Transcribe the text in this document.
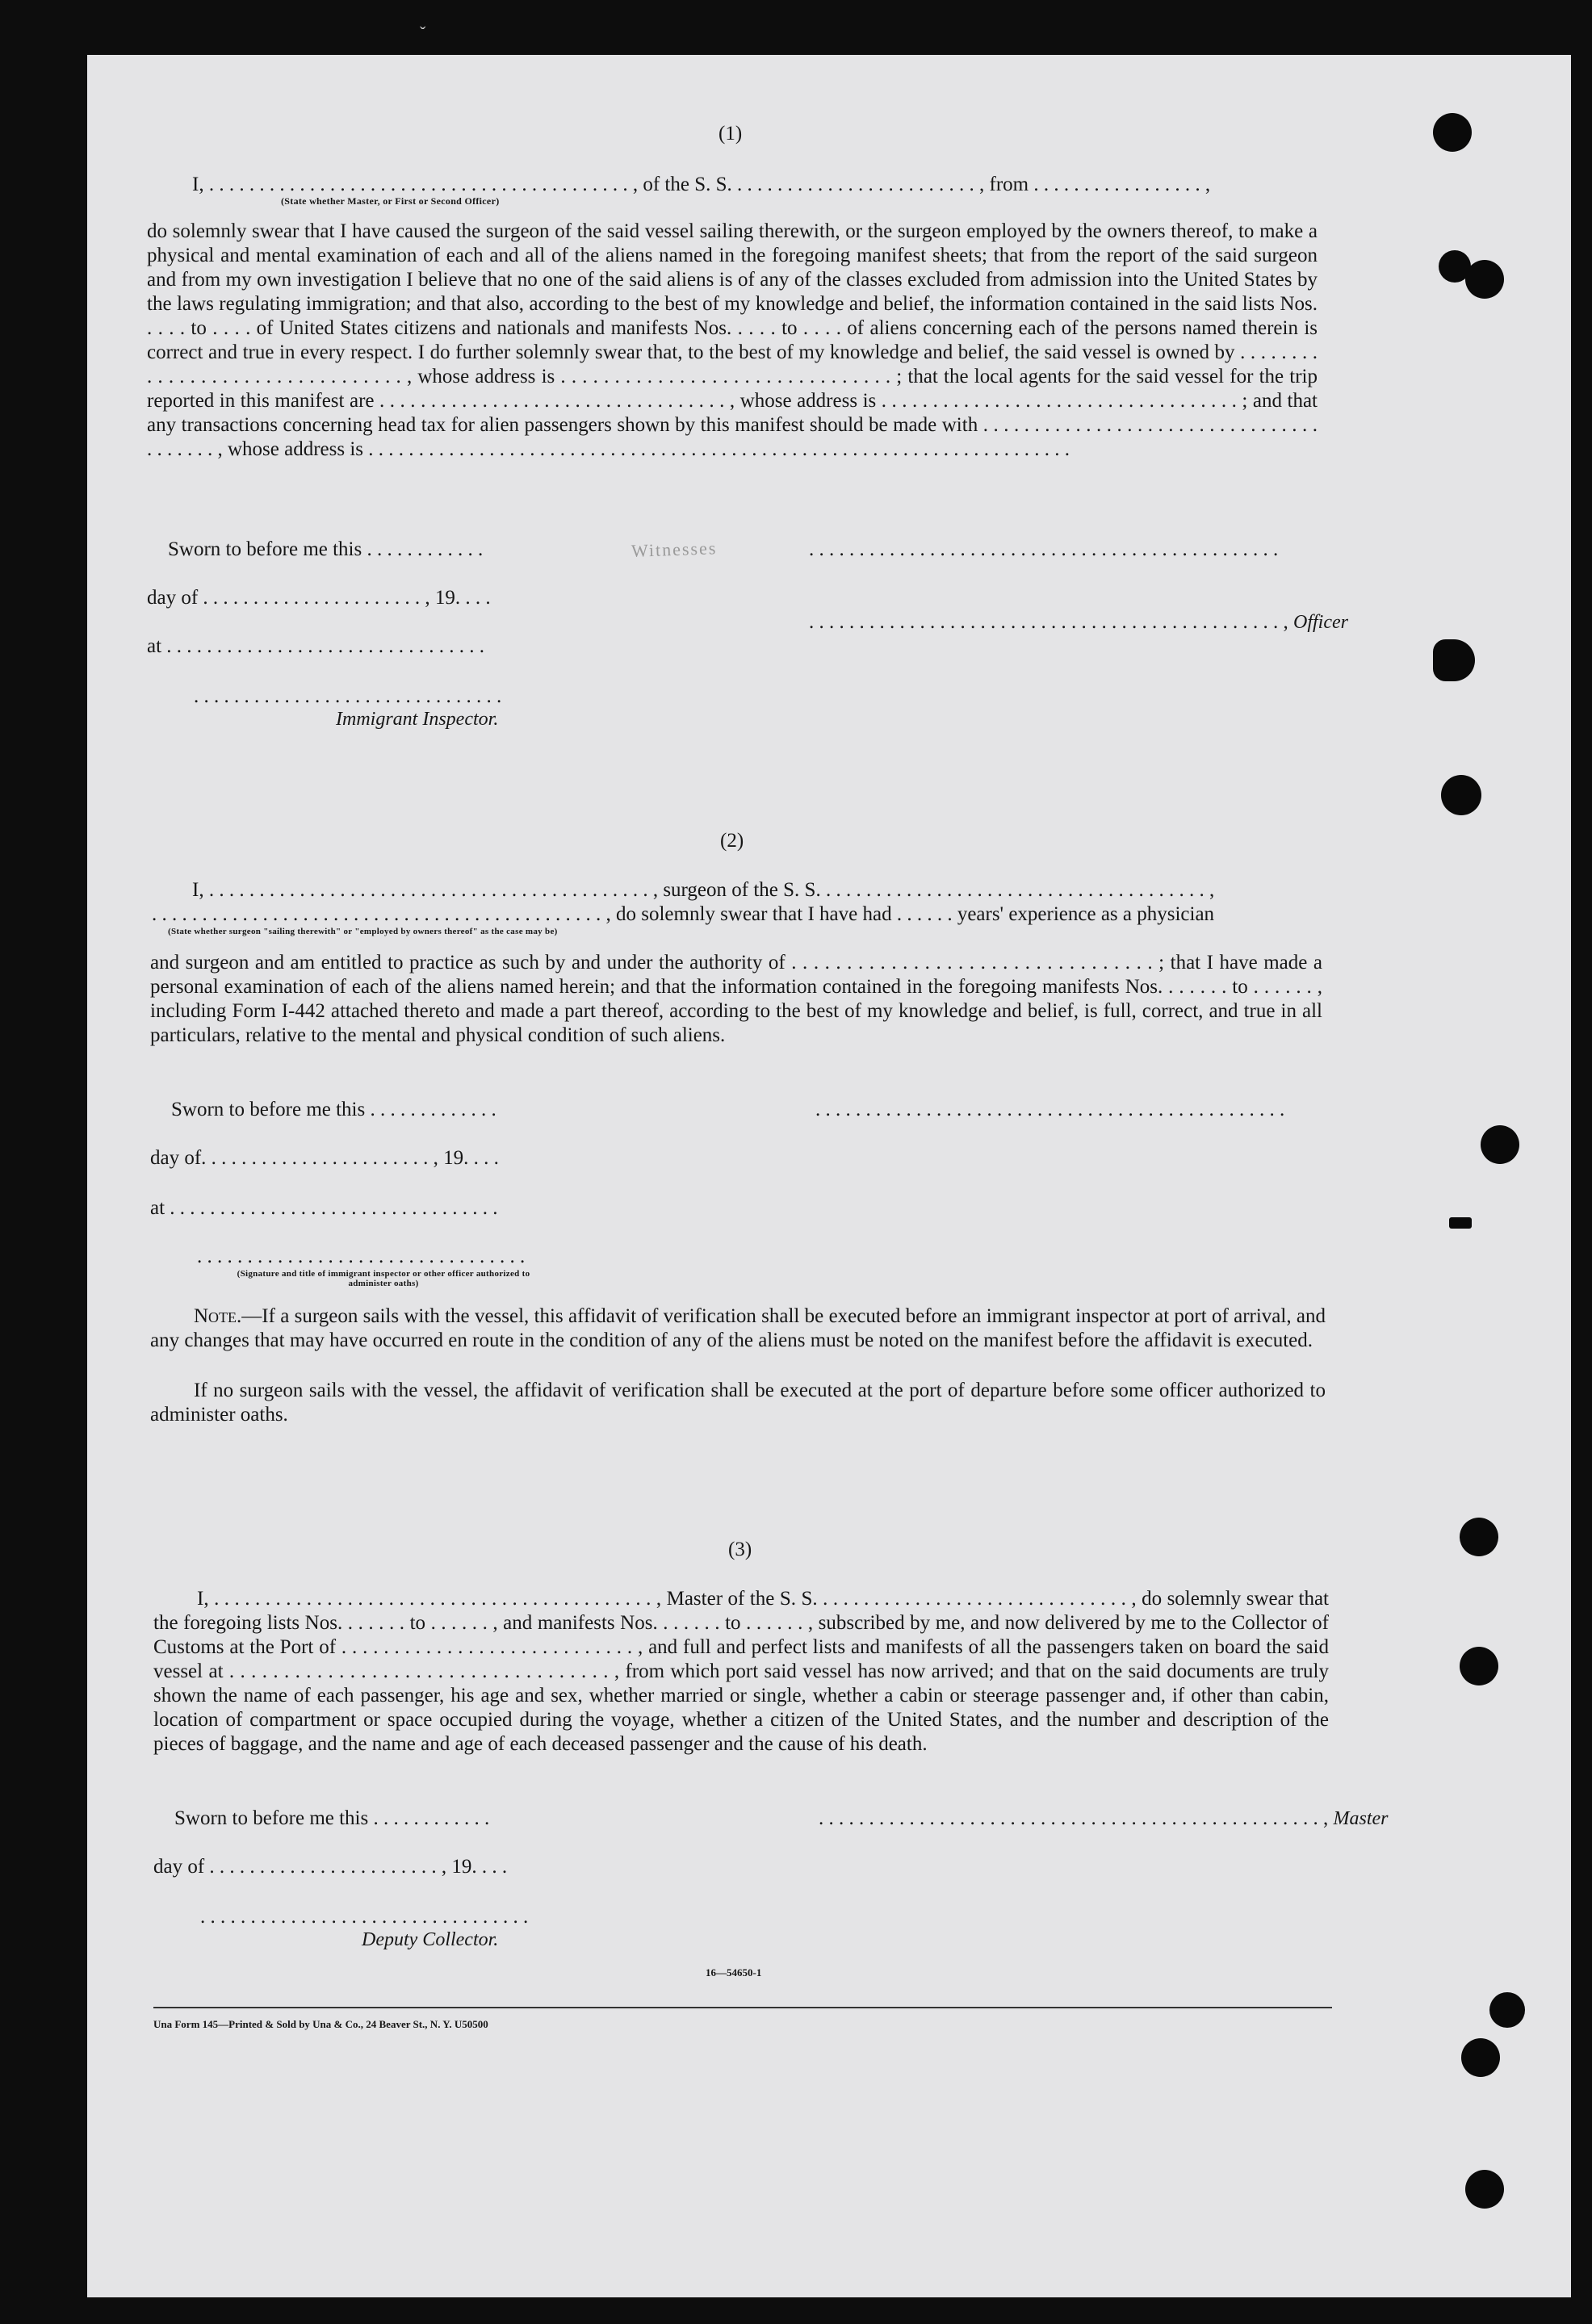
ˇ
(1)
I, . . . . . . . . . . . . . . . . . . . . . . . . . . . . . . . . . . . . . . . . . . , of the S. S. . . . . . . . . . . . . . . . . . . . . . . . . , from . . . . . . . . . . . . . . . . . ,
(State whether Master, or First or Second Officer)
do solemnly swear that I have caused the surgeon of the said vessel sailing therewith, or the surgeon employed by the owners thereof, to make a physical and mental examination of each and all of the aliens named in the foregoing manifest sheets; that from the report of the said surgeon and from my own investigation I believe that no one of the said aliens is of any of the classes excluded from admission into the United States by the laws regulating immigration; and that also, according to the best of my knowledge and belief, the information contained in the said lists Nos. . . . . to . . . . of United States citizens and nationals and manifests Nos. . . . . to . . . . of aliens concerning each of the persons named therein is correct and true in every respect. I do further solemnly swear that, to the best of my knowledge and belief, the said vessel is owned by . . . . . . . . . . . . . . . . . . . . . . . . . . . . . . . . , whose address is . . . . . . . . . . . . . . . . . . . . . . . . . . . . . . . ; that the local agents for the said vessel for the trip reported in this manifest are . . . . . . . . . . . . . . . . . . . . . . . . . . . . . . . . . . , whose address is . . . . . . . . . . . . . . . . . . . . . . . . . . . . . . . . . . . ; and that any transactions concerning head tax for alien passengers shown by this manifest should be made with . . . . . . . . . . . . . . . . . . . . . . . . . . . . . . . . . . . . . . . . , whose address is . . . . . . . . . . . . . . . . . . . . . . . . . . . . . . . . . . . . . . . . . . . . . . . . . . . . . . . . . . . . . . . . . . . . . .
Sworn to before me this . . . . . . . . . . . .	Witnesses	. . . . . . . . . . . . . . . . . . . . . . . . . . . . . . . . . . . . . . . . . . . . . . .
day of . . . . . . . . . . . . . . . . . . . . . . , 19. . . .
. . . . . . . . . . . . . . . . . . . . . . . . . . . . . . . . . . . . . . . . . . . . . . . , Officer
at . . . . . . . . . . . . . . . . . . . . . . . . . . . . . . . .
. . . . . . . . . . . . . . . . . . . . . . . . . . . . . . .
Immigrant Inspector.
(2)
I, . . . . . . . . . . . . . . . . . . . . . . . . . . . . . . . . . . . . . . . . . . . . , surgeon of the S. S. . . . . . . . . . . . . . . . . . . . . . . . . . . . . . . . . . . . . . . ,
. . . . . . . . . . . . . . . . . . . . . . . . . . . . . . . . . . . . . . . . . . . . . , do solemnly swear that I have had . . . . . . years' experience as a physician
(State whether surgeon "sailing therewith" or "employed by owners thereof" as the case may be)
and surgeon and am entitled to practice as such by and under the authority of . . . . . . . . . . . . . . . . . . . . . . . . . . . . . . . . . ; that I have made a personal examination of each of the aliens named herein; and that the information contained in the foregoing manifests Nos. . . . . . . to . . . . . . , including Form I-442 attached thereto and made a part thereof, according to the best of my knowledge and belief, is full, correct, and true in all particulars, relative to the mental and physical condition of such aliens.
Sworn to before me this . . . . . . . . . . . . .	. . . . . . . . . . . . . . . . . . . . . . . . . . . . . . . . . . . . . . . . . . . . . . .
day of. . . . . . . . . . . . . . . . . . . . . . . , 19. . . .
at . . . . . . . . . . . . . . . . . . . . . . . . . . . . . . . . .
. . . . . . . . . . . . . . . . . . . . . . . . . . . . . . . . .
(Signature and title of immigrant inspector or other officer authorized to administer oaths)
Note.—If a surgeon sails with the vessel, this affidavit of verification shall be executed before an immigrant inspector at port of arrival, and any changes that may have occurred en route in the condition of any of the aliens must be noted on the manifest before the affidavit is executed.
If no surgeon sails with the vessel, the affidavit of verification shall be executed at the port of departure before some officer authorized to administer oaths.
(3)
I, . . . . . . . . . . . . . . . . . . . . . . . . . . . . . . . . . . . . . . . . . . . , Master of the S. S. . . . . . . . . . . . . . . . . . . . . . . . . . . . . . . , do solemnly swear that the foregoing lists Nos. . . . . . . to . . . . . . , and manifests Nos. . . . . . . to . . . . . . , subscribed by me, and now delivered by me to the Collector of Customs at the Port of . . . . . . . . . . . . . . . . . . . . . . . . . . . . , and full and perfect lists and manifests of all the passengers taken on board the said vessel at . . . . . . . . . . . . . . . . . . . . . . . . . . . . . . . . . . . , from which port said vessel has now arrived; and that on the said documents are truly shown the name of each passenger, his age and sex, whether married or single, whether a cabin or steerage passenger and, if other than cabin, location of compartment or space occupied during the voyage, whether a citizen of the United States, and the number and description of the pieces of baggage, and the name and age of each deceased passenger and the cause of his death.
Sworn to before me this . . . . . . . . . . . .	. . . . . . . . . . . . . . . . . . . . . . . . . . . . . . . . . . . . . . . . . . . . . . . . . . , Master
day of . . . . . . . . . . . . . . . . . . . . . . . , 19. . . .
. . . . . . . . . . . . . . . . . . . . . . . . . . . . . . . . .
Deputy Collector.
16—54650-1
Una Form 145—Printed & Sold by Una & Co., 24 Beaver St., N. Y. U50500
